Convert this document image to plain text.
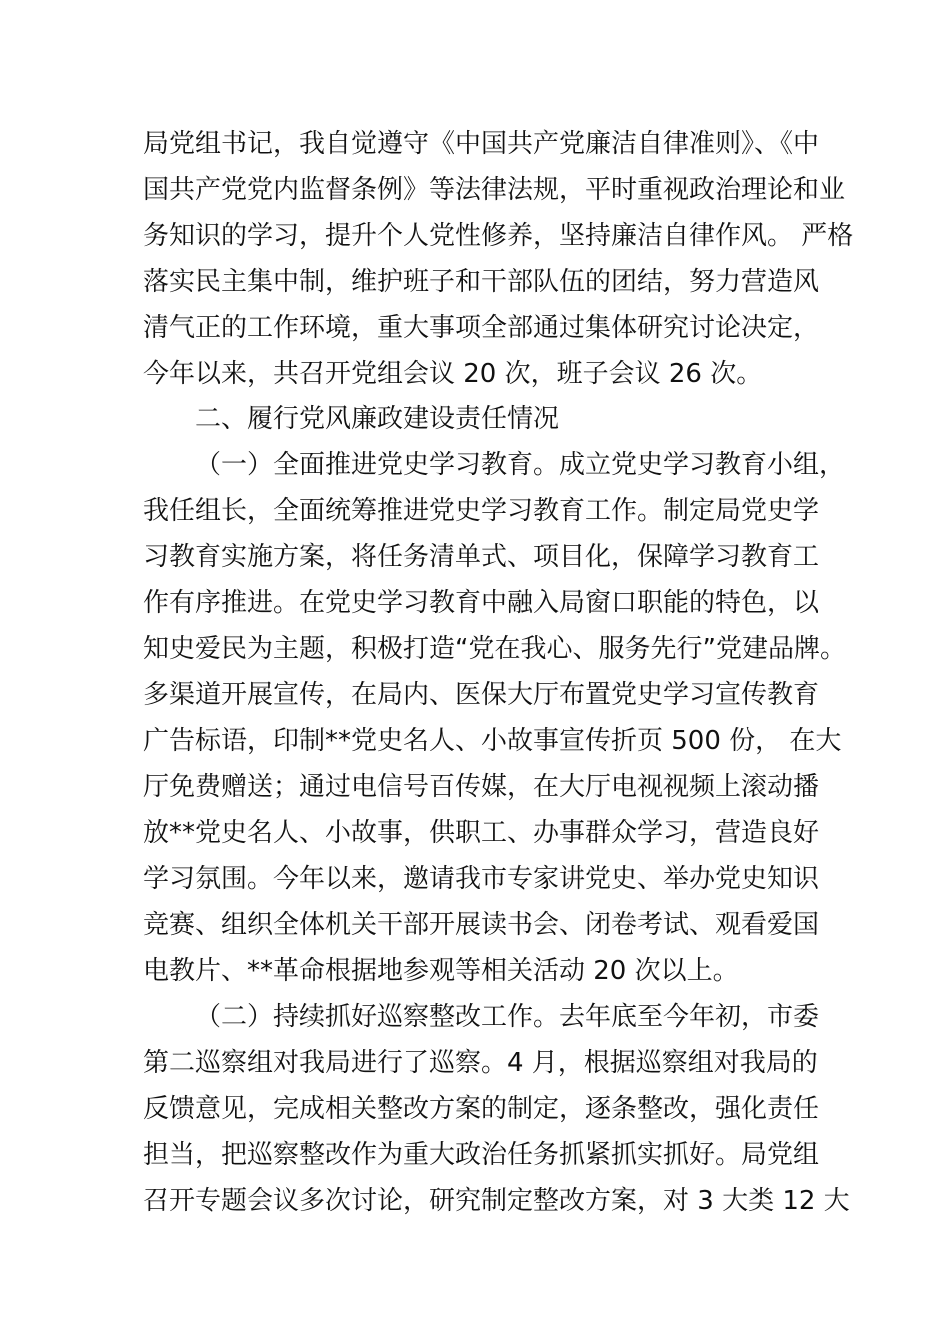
局党组书记，我自觉遵守《中国共产党廉洁自律准则》、《中
国共产党党内监督条例》等法律法规，平时重视政治理论和业
务知识的学习，提升个人党性修养，坚持廉洁自律作风。 严格
落实民主集中制，维护班子和干部队伍的团结，努力营造风
清气正的工作环境，重大事项全部通过集体研究讨论决定，
今年以来，共召开党组会议 20 次，班子会议 26 次。
二、履行党风廉政建设责任情况
（一）全面推进党史学习教育。成立党史学习教育小组，
我任组长，全面统筹推进党史学习教育工作。制定局党史学
习教育实施方案，将任务清单式、项目化，保障学习教育工
作有序推进。在党史学习教育中融入局窗口职能的特色，以
知史爱民为主题，积极打造“党在我心、服务先行”党建品牌。
多渠道开展宣传，在局内、医保大厅布置党史学习宣传教育
广告标语，印制**党史名人、小故事宣传折页 500 份， 在大
厅免费赠送；通过电信号百传媒，在大厅电视视频上滚动播
放**党史名人、小故事，供职工、办事群众学习，营造良好
学习氛围。今年以来，邀请我市专家讲党史、举办党史知识
竞赛、组织全体机关干部开展读书会、闭卷考试、观看爱国
电教片、**革命根据地参观等相关活动 20 次以上。
（二）持续抓好巡察整改工作。去年底至今年初，市委
第二巡察组对我局进行了巡察。4 月，根据巡察组对我局的
反馈意见，完成相关整改方案的制定，逐条整改，强化责任
担当，把巡察整改作为重大政治任务抓紧抓实抓好。局党组
召开专题会议多次讨论，研究制定整改方案，对 3 大类 12 大
